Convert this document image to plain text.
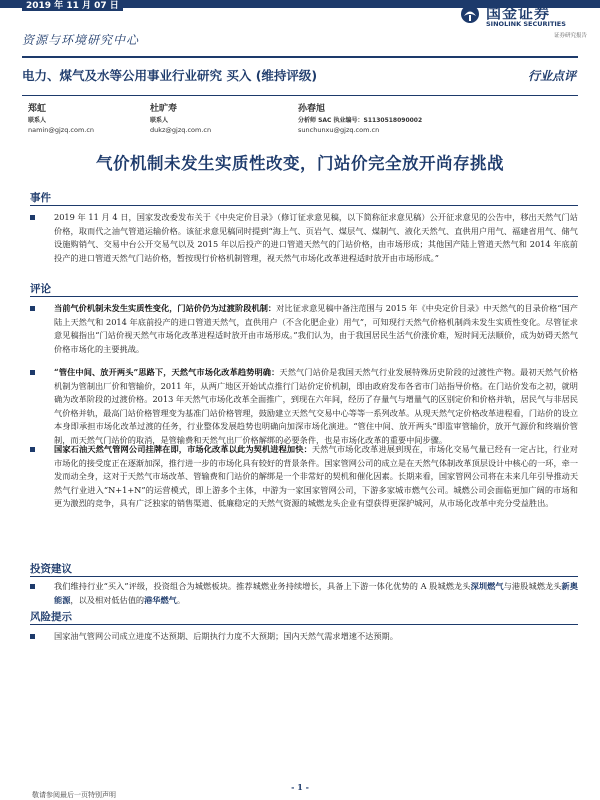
2019 年 11 月 07 日	国金证券
SINOLINK SECURITIES
证券研究报告
资源与环境研究中心
电力、煤气及水等公用事业行业研究 买入 (维持评级)	行业点评
郑虹
联系人
namin@gjzq.com.cn
杜旷寿
联系人
dukz@gjzq.com.cn
孙春旭
分析师 SAC 执业编号：S1130518090002
sunchunxu@gjzq.com.cn
气价机制未发生实质性改变，门站价完全放开尚存挑战
事件
2019 年 11 月 4 日，国家发改委发布关于《中央定价目录》（修订征求意见稿，以下简称征求意见稿）公开征求意见的公告中，移出天然气门站价格，取而代之油气管道运输价格。该征求意见稿同时提到“海上气、页岩气、煤层气、煤制气、液化天然气、直供用户用气、福建省用气、储气设施购销气、交易中台公开交易气以及 2015 年以后投产的进口管道天然气的门站价格，由市场形成；其他国产陆上管道天然气和 2014 年底前投产的进口管道天然气门站价格，暂按现行价格机制管理，视天然气市场化改革进程适时放开由市场形成。”
评论
当前气价机制未发生实质性变化，门站价仍为过渡阶段机制：对比征求意见稿中备注范围与 2015 年《中央定价目录》中天然气的目录价格“国产陆上天然气和 2014 年底前投产的进口管道天然气，直供用户（不含化肥企业）用气”，可知现行天然气价格机制尚未发生实质性变化。尽管征求意见稿指出“门站价视天然气市场化改革进程适时放开由市场形成。”我们认为，由于我国居民生活气价涨价难，短时间无法顺价，成为妨碍天然气价格市场化的主要挑战。
“管住中间、放开两头”思路下，天然气市场化改革趋势明确：天然气门站价是我国天然气行业发展特殊历史阶段的过渡性产物。最初天然气价格机制为管制出厂价和管输价，2011 年，从两广地区开始试点推行门站价定价机制，即由政府发布各省市门站指导价格。在门站价发布之初，就明确为改革阶段的过渡价格。2013 年天然气市场化改革全面推广，到现在六年间，经历了存量气与增量气的区别定价和价格并轨，居民气与非居民气价格并轨，最高门站价格管理变为基准门站价格管理，鼓励建立天然气交易中心等等一系列改革。从现天然气定价格改革进程看，门站价的设立本身即承担市场化改革过渡的任务，行业整体发展趋势也明确向加深市场化演进。“管住中间、放开两头”即监审管输价，放开气源价和终端价管制，而天然气门站价的取消，是管输费和天然气出厂价格解绑的必要条件，也是市场化改革的重要中间步骤。
国家石油天然气管网公司挂牌在即，市场化改革以此为契机进程加快：天然气市场化改革进展到现在，市场化交易气量已经有一定占比，行业对市场化的接受度正在逐渐加深，推行进一步的市场化具有较好的背景条件。国家管网公司的成立是在天然气体制改革顶层设计中核心的一环，牵一发而动全身，这对于天然气市场改革、管输费和门站价的解绑是一个非常好的契机和催化因素。长期来看，国家管网公司将在未来几年引导推动天然气行业进入“N+1+N”的运营模式，即上游多个主体，中游为一家国家管网公司，下游多家城市燃气公司。城燃公司会面临更加广阔的市场和更为激烈的竞争，具有广泛独家的销售渠道、低廉稳定的天然气资源的城燃龙头企业有望获得更深护城河，从市场化改革中充分受益胜出。
投资建议
我们维持行业“买入”评级，投资组合为城燃板块。推荐城燃业务持续增长，具备上下游一体化优势的 A 股城燃龙头深圳燃气与港股城燃龙头新奥能源，以及相对低估值的港华燃气。
风险提示
国家油气管网公司成立进度不达预期、后期执行力度不大预期；国内天然气需求增速不达预期。
- 1 -
敬请参阅最后一页特别声明
